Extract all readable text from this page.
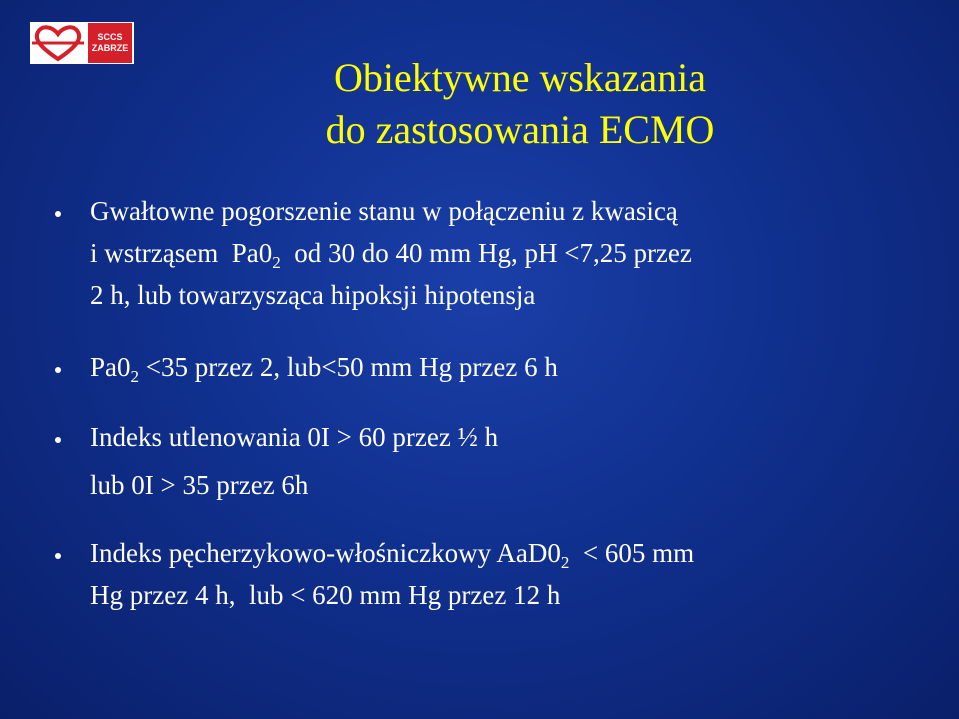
SCCS
ZABRZE
Obiektywne wskazania
do zastosowania ECMO
Gwałtowne pogorszenie stanu w połączeniu z kwasicą
i wstrząsem  $Pa0_2$  od 30 do 40 mm Hg, pH <7,25 przez
2 h, lub towarzysząca hipoksji hipotensja
$Pa0_2 <35$ przez 2, lub<50 mm Hg przez 6 h
Indeks utlenowania 0I > 60 przez ½ h
lub 0I > 35 przez 6h
Indeks pęcherzykowo-włośniczkowy $AaD0_2 < 605$ mm
Hg przez 4 h,  lub < 620 mm Hg przez 12 h
